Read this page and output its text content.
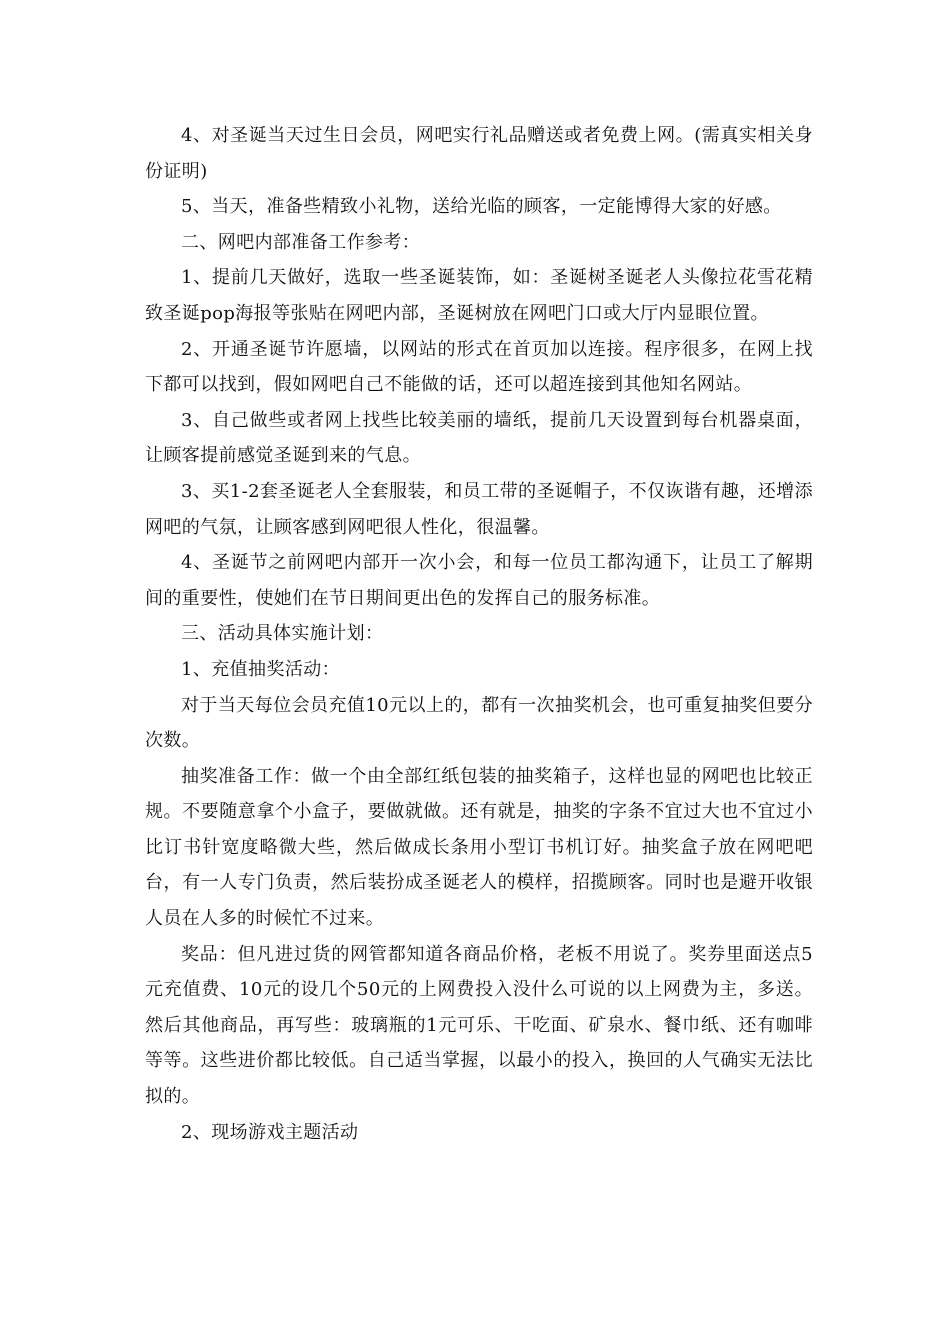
4、对圣诞当天过生日会员，网吧实行礼品赠送或者免费上网。(需真实相关身份证明)

5、当天，准备些精致小礼物，送给光临的顾客，一定能博得大家的好感。

二、网吧内部准备工作参考：

1、提前几天做好，选取一些圣诞装饰，如：圣诞树圣诞老人头像拉花雪花精致圣诞pop海报等张贴在网吧内部，圣诞树放在网吧门口或大厅内显眼位置。

2、开通圣诞节许愿墙，以网站的形式在首页加以连接。程序很多，在网上找下都可以找到，假如网吧自己不能做的话，还可以超连接到其他知名网站。

3、自己做些或者网上找些比较美丽的墙纸，提前几天设置到每台机器桌面，让顾客提前感觉圣诞到来的气息。

3、买1-2套圣诞老人全套服装，和员工带的圣诞帽子，不仅诙谐有趣，还增添网吧的气氛，让顾客感到网吧很人性化，很温馨。

4、圣诞节之前网吧内部开一次小会，和每一位员工都沟通下，让员工了解期间的重要性，使她们在节日期间更出色的发挥自己的服务标准。

三、活动具体实施计划：

1、充值抽奖活动：

对于当天每位会员充值10元以上的，都有一次抽奖机会，也可重复抽奖但要分次数。

抽奖准备工作：做一个由全部红纸包装的抽奖箱子，这样也显的网吧也比较正规。不要随意拿个小盒子，要做就做。还有就是，抽奖的字条不宜过大也不宜过小比订书针宽度略微大些，然后做成长条用小型订书机订好。抽奖盒子放在网吧吧台，有一人专门负责，然后装扮成圣诞老人的模样，招揽顾客。同时也是避开收银人员在人多的时候忙不过来。

奖品：但凡进过货的网管都知道各商品价格，老板不用说了。奖券里面送点5元充值费、10元的设几个50元的上网费投入没什么可说的以上网费为主，多送。然后其他商品，再写些：玻璃瓶的1元可乐、干吃面、矿泉水、餐巾纸、还有咖啡等等。这些进价都比较低。自己适当掌握，以最小的投入，换回的人气确实无法比拟的。

2、现场游戏主题活动
